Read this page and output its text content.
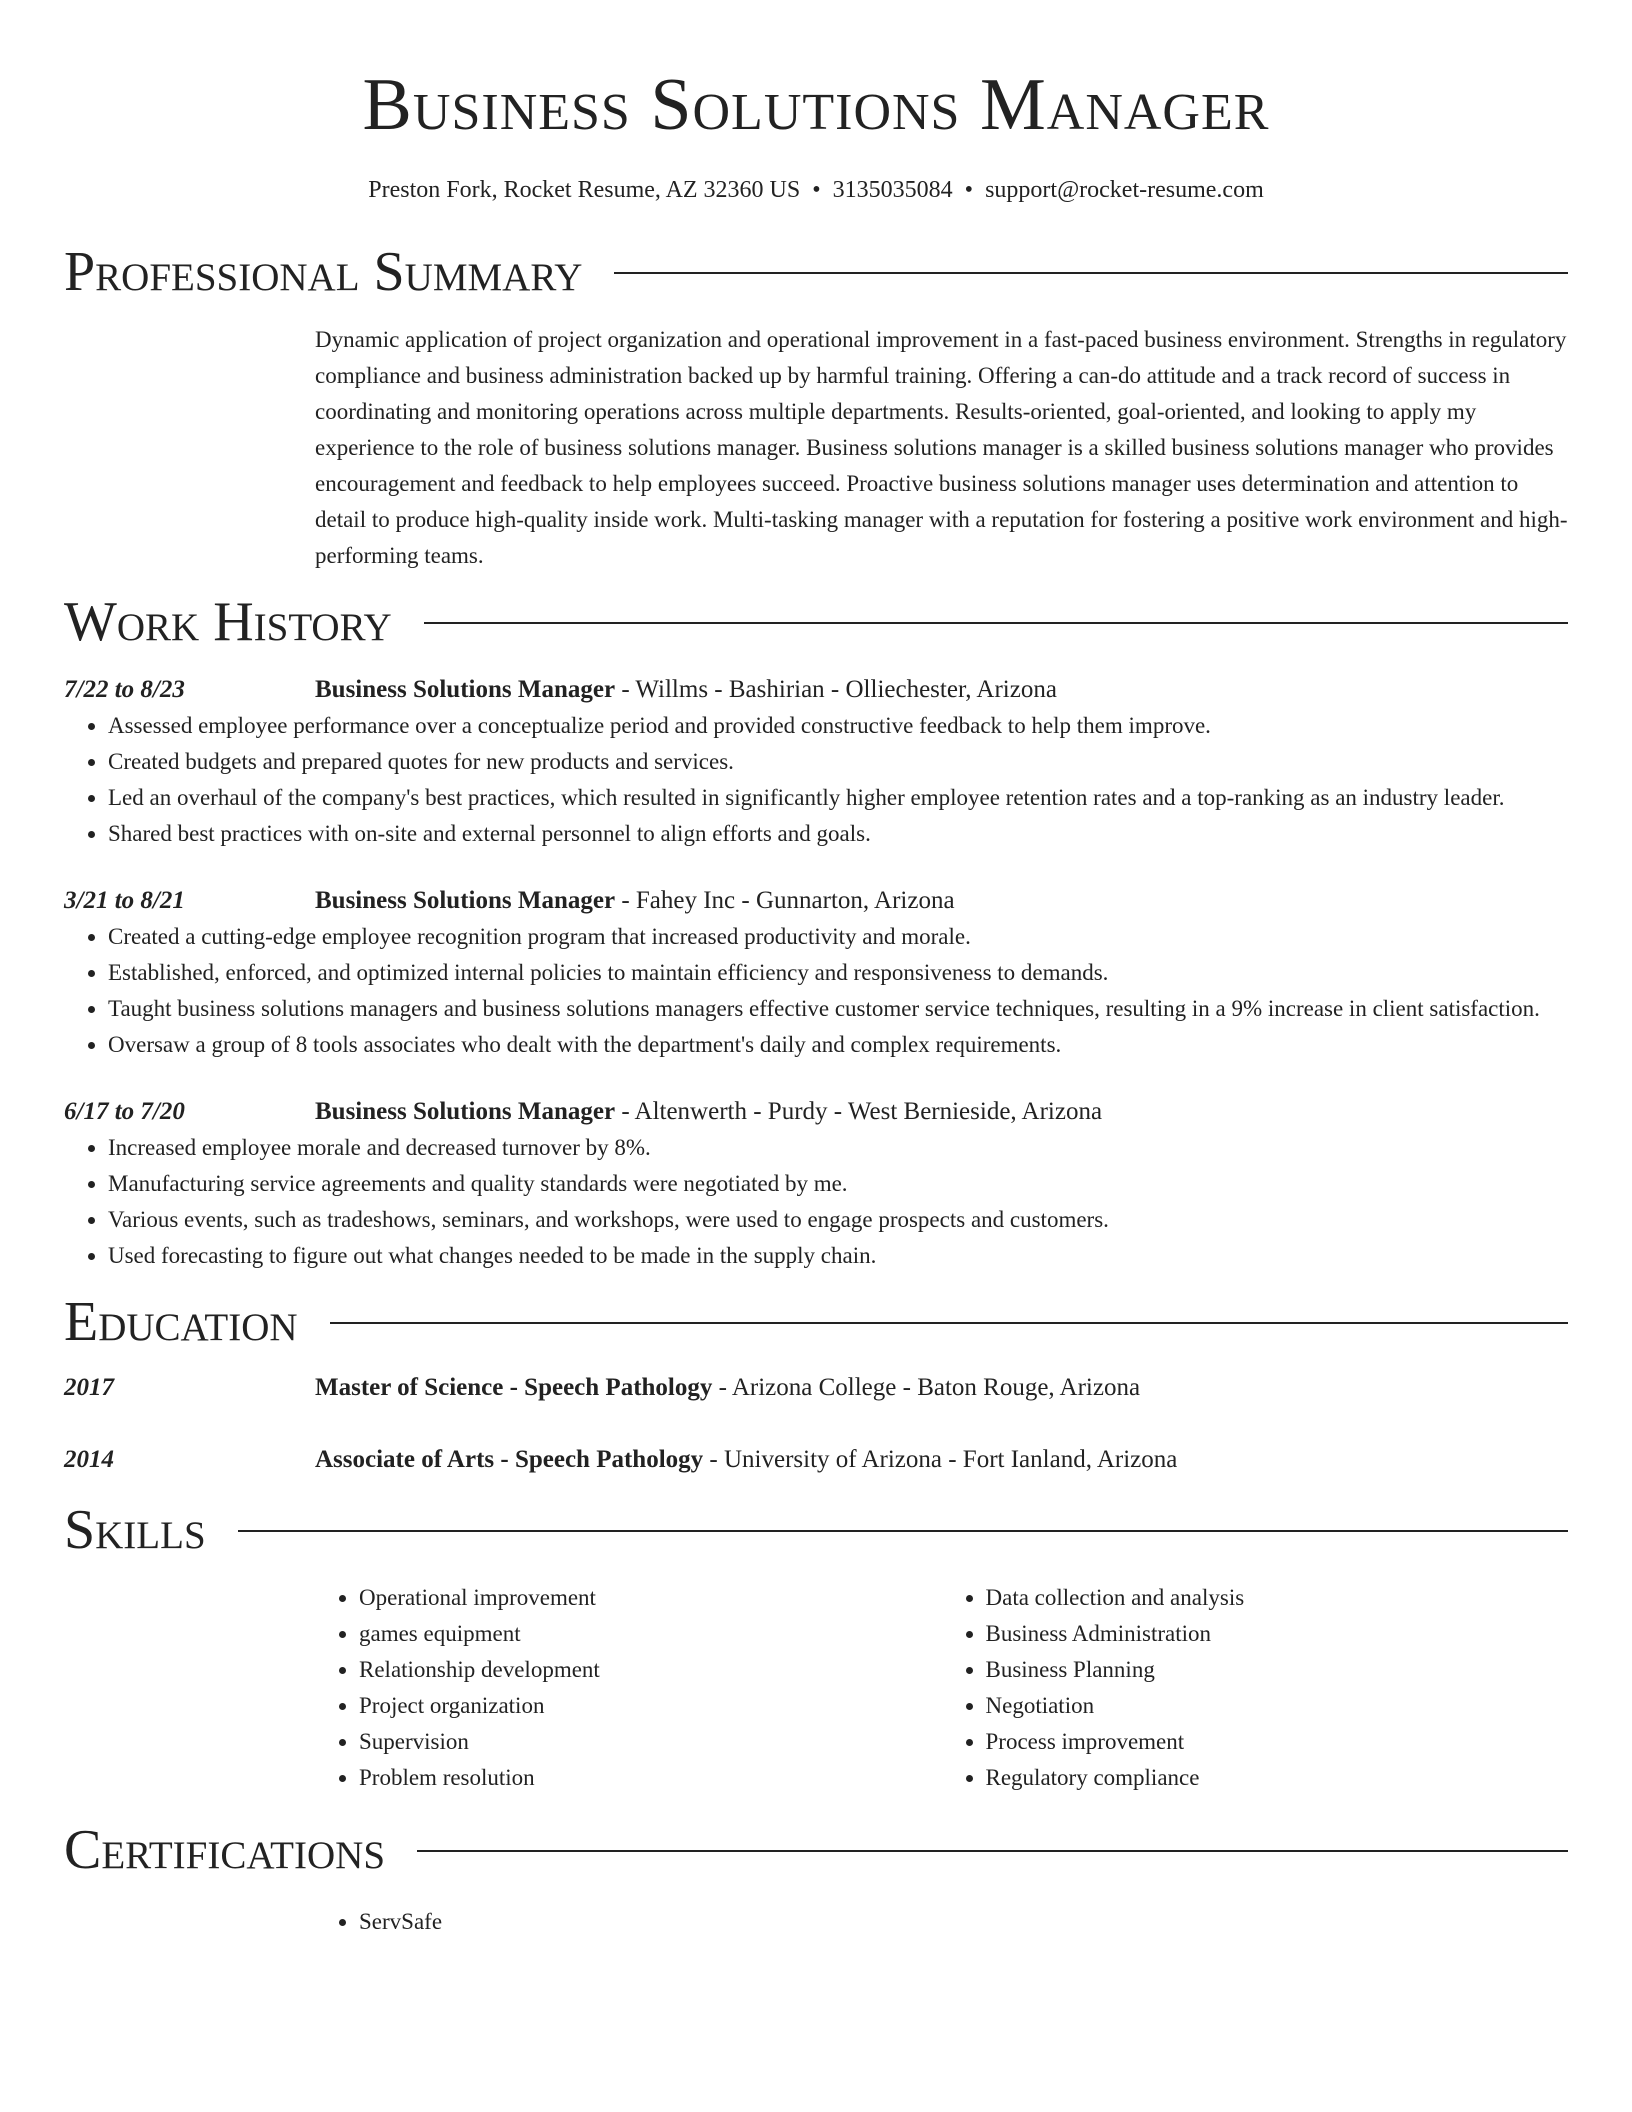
Business Solutions Manager
Preston Fork, Rocket Resume, AZ 32360 US • 3135035084 • support@rocket-resume.com
Professional Summary

Dynamic application of project organization and operational improvement in a fast-paced business environment. Strengths in regulatory compliance and business administration backed up by harmful training. Offering a can-do attitude and a track record of success in coordinating and monitoring operations across multiple departments. Results-oriented, goal-oriented, and looking to apply my experience to the role of business solutions manager. Business solutions manager is a skilled business solutions manager who provides encouragement and feedback to help employees succeed. Proactive business solutions manager uses determination and attention to detail to produce high-quality inside work. Multi-tasking manager with a reputation for fostering a positive work environment and high-performing teams.

Work History
7/22 to 8/23	Business Solutions Manager - Willms - Bashirian - Olliechester, Arizona
• Assessed employee performance over a conceptualize period and provided constructive feedback to help them improve.
• Created budgets and prepared quotes for new products and services.
• Led an overhaul of the company's best practices, which resulted in significantly higher employee retention rates and a top-ranking as an industry leader.
• Shared best practices with on-site and external personnel to align efforts and goals.
3/21 to 8/21	Business Solutions Manager - Fahey Inc - Gunnarton, Arizona
• Created a cutting-edge employee recognition program that increased productivity and morale.
• Established, enforced, and optimized internal policies to maintain efficiency and responsiveness to demands.
• Taught business solutions managers and business solutions managers effective customer service techniques, resulting in a 9% increase in client satisfaction.
• Oversaw a group of 8 tools associates who dealt with the department's daily and complex requirements.
6/17 to 7/20	Business Solutions Manager - Altenwerth - Purdy - West Bernieside, Arizona
• Increased employee morale and decreased turnover by 8%.
• Manufacturing service agreements and quality standards were negotiated by me.
• Various events, such as tradeshows, seminars, and workshops, were used to engage prospects and customers.
• Used forecasting to figure out what changes needed to be made in the supply chain.
Education
2017	Master of Science - Speech Pathology - Arizona College - Baton Rouge, Arizona
2014	Associate of Arts - Speech Pathology - University of Arizona - Fort Ianland, Arizona
Skills
• Operational improvement
• games equipment
• Relationship development
• Project organization
• Supervision
• Problem resolution
• Data collection and analysis
• Business Administration
• Business Planning
• Negotiation
• Process improvement
• Regulatory compliance
Certifications
• ServSafe
